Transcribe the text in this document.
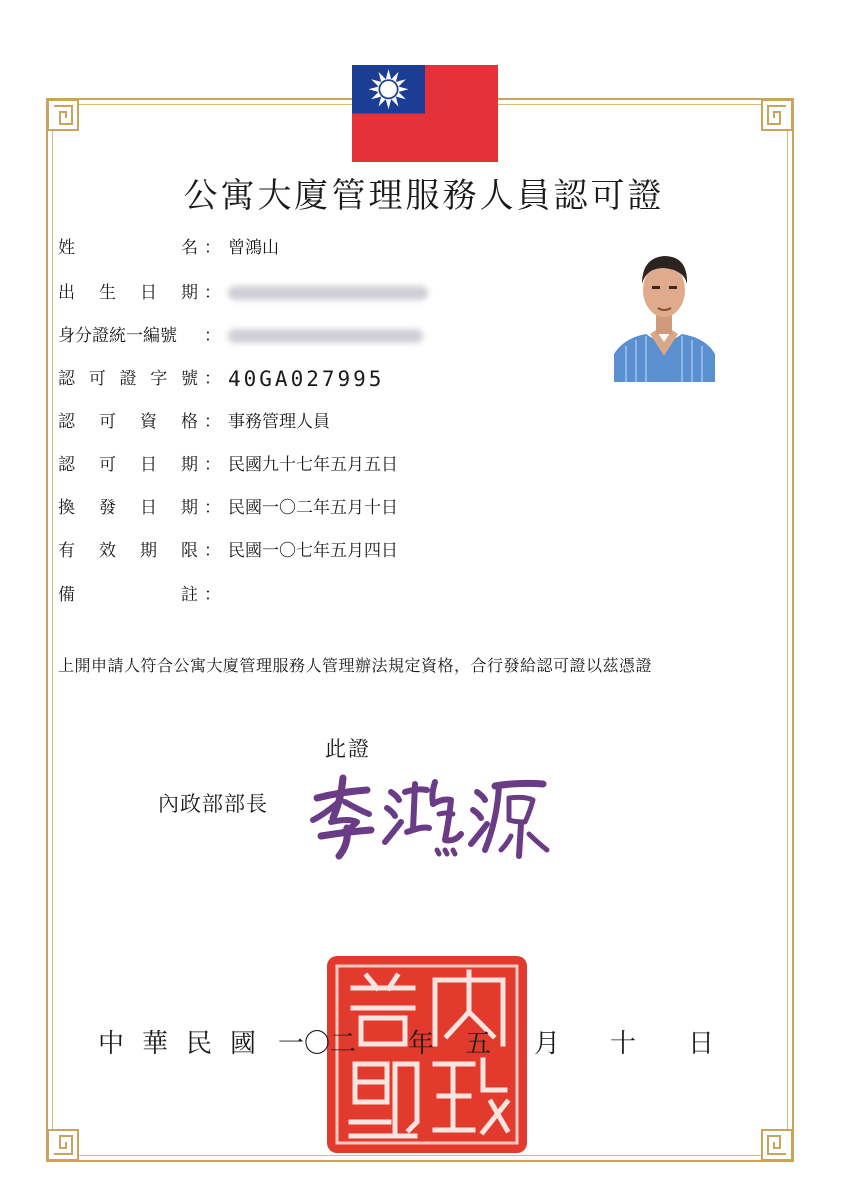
公寓大廈管理服務人員認可證
姓	名 ： 曾鴻山
出 生 日 期 ：
身分證統一編號 ：
認 可 證 字 號 ： 40GA027995
認 可 資 格 ： 事務管理人員
認 可 日 期 ： 民國九十七年五月五日
換 發 日 期 ： 民國一〇二年五月十日
有 效 期 限 ： 民國一〇七年五月四日
備	註 ：
上開申請人符合公寓大廈管理服務人管理辦法規定資格，合行發給認可證以茲憑證
此證
內政部部長
中 華 民 國 一〇二 年 五 月 十 日
